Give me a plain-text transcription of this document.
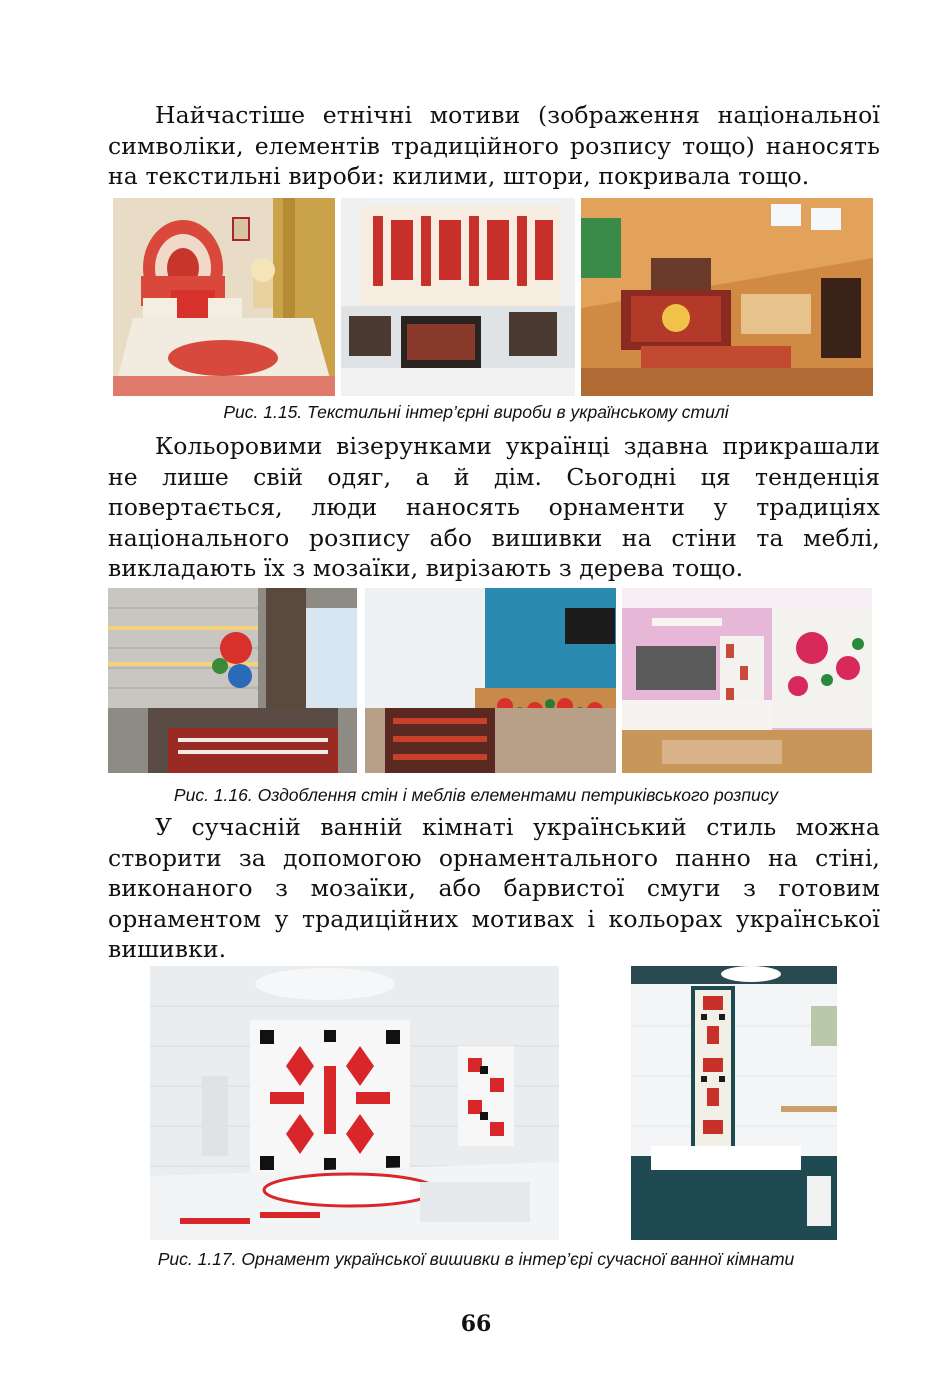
Найчастіше етнічні мотиви (зображення національної символіки, елементів традиційного розпису тощо) наносять на текстильні вироби: килими, штори, покривала тощо.

Рис. 1.15. Текстильні інтер’єрні вироби в українському стилі

Кольоровими візерунками українці здавна прикрашали не лише свій одяг, а й дім. Сьогодні ця тенденція повертається, люди наносять орнаменти у традиціях національного розпису або вишивки на стіни та меблі, викладають їх з мозаїки, вирізають з дерева тощо.

Рис. 1.16. Оздоблення стін і меблів елементами петриківського розпису

У сучасній ванній кімнаті український стиль можна створити за допомогою орнаментального панно на стіні, виконаного з мозаїки, або барвистої смуги з готовим орнаментом у традиційних мотивах і кольорах української вишивки.

Рис. 1.17. Орнамент української вишивки в інтер’єрі сучасної ванної кімнати
66
